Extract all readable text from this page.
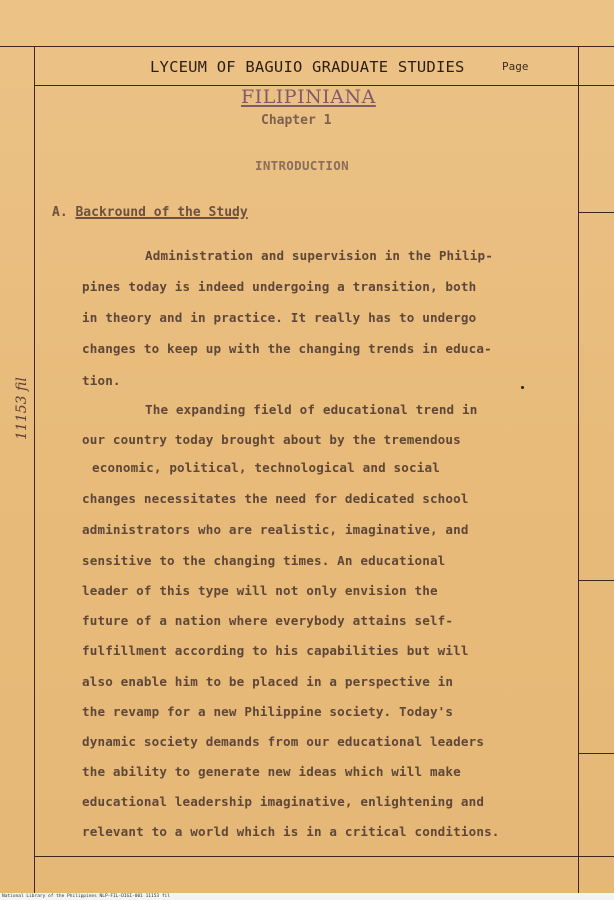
LYCEUM OF BAGUIO GRADUATE STUDIES	Page
FILIPINIANA
Chapter 1
INTRODUCTION
A. Backround of the Study
Administration and supervision in the Philip-
pines today is indeed undergoing a transition, both
in theory and in practice. It really has to undergo
changes to keep up with the changing trends in educa-
tion.
The expanding field of educational trend in
our country today brought about by the tremendous
economic, political, technological and social
changes necessitates the need for dedicated school
administrators who are realistic, imaginative, and
sensitive to the changing times. An educational
leader of this type will not only envision the
future of a nation where everybody attains self-
fulfillment according to his capabilities but will
also enable him to be placed in a perspective in
the revamp for a new Philippine society. Today's
dynamic society demands from our educational leaders
the ability to generate new ideas which will make
educational leadership imaginative, enlightening and
relevant to a world which is in a critical conditions.
11153 fil
National Library of the Philippines NLP-FIL-DIGI-001 11153 fil
